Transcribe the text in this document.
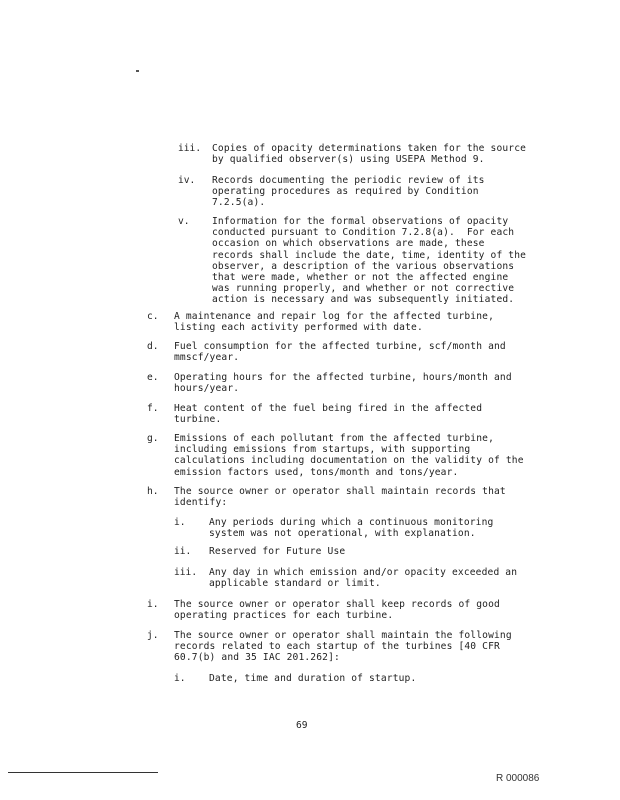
iii. Copies of opacity determinations taken for the source
by qualified observer(s) using USEPA Method 9.
iv. Records documenting the periodic review of its
operating procedures as required by Condition
7.2.5(a).
v. Information for the formal observations of opacity
conducted pursuant to Condition 7.2.8(a).  For each
occasion on which observations are made, these
records shall include the date, time, identity of the
observer, a description of the various observations
that were made, whether or not the affected engine
was running properly, and whether or not corrective
action is necessary and was subsequently initiated.
c. A maintenance and repair log for the affected turbine,
listing each activity performed with date.
d. Fuel consumption for the affected turbine, scf/month and
mmscf/year.
e. Operating hours for the affected turbine, hours/month and
hours/year.
f. Heat content of the fuel being fired in the affected
turbine.
g. Emissions of each pollutant from the affected turbine,
including emissions from startups, with supporting
calculations including documentation on the validity of the
emission factors used, tons/month and tons/year.
h. The source owner or operator shall maintain records that
identify:
i. Any periods during which a continuous monitoring
system was not operational, with explanation.
ii. Reserved for Future Use
iii. Any day in which emission and/or opacity exceeded an
applicable standard or limit.
i. The source owner or operator shall keep records of good
operating practices for each turbine.
j. The source owner or operator shall maintain the following
records related to each startup of the turbines [40 CFR
60.7(b) and 35 IAC 201.262]:
i. Date, time and duration of startup.
69
R 000086
